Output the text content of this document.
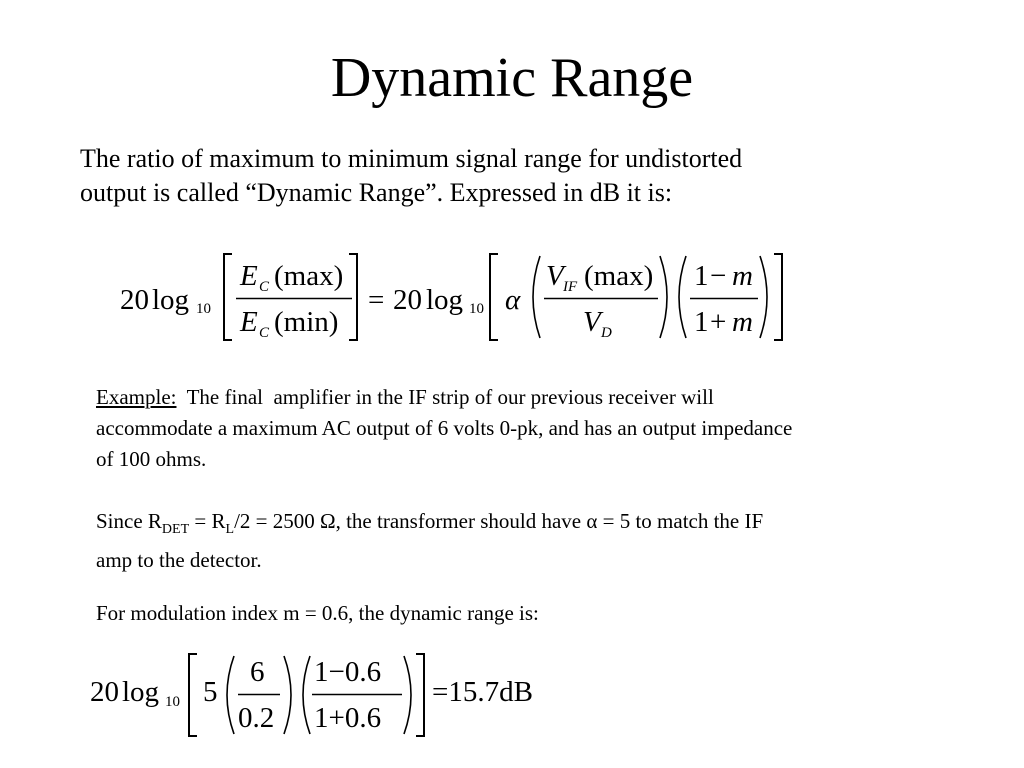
Dynamic Range
The ratio of maximum to minimum signal range for undistorted
output is called “Dynamic Range”. Expressed in dB it is:
20 log 10
E C (max)
E C (min)
= 20 log 10 α
V IF (max)
V D
1 − m
1 + m
Example:  The final  amplifier in the IF strip of our previous receiver will
accommodate a maximum AC output of 6 volts 0-pk, and has an output impedance
of 100 ohms.
Since $R_{DET} = R_L/2 = 2500$ Ω, the transformer should have α = 5 to match the IF
amp to the detector.
For modulation index m = 0.6, the dynamic range is:
20 log 10 5
6
0.2
1−0.6
1+0.6
=15.7dB
